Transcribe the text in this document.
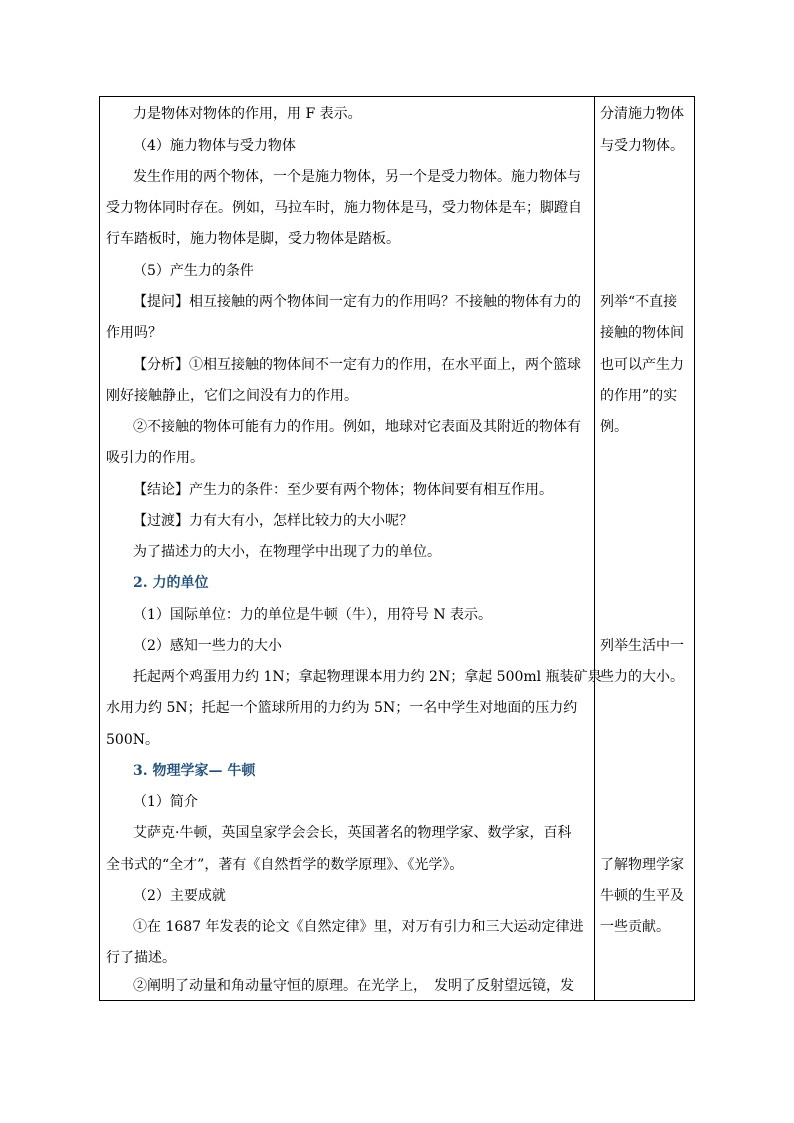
力是物体对物体的作用，用 F 表示。
（4）施力物体与受力物体
发生作用的两个物体，一个是施力物体，另一个是受力物体。施力物体与
受力物体同时存在。例如，马拉车时，施力物体是马，受力物体是车；脚蹬自
行车踏板时，施力物体是脚，受力物体是踏板。
（5）产生力的条件
【提问】相互接触的两个物体间一定有力的作用吗？不接触的物体有力的
作用吗？
【分析】①相互接触的物体间不一定有力的作用，在水平面上，两个篮球
刚好接触静止，它们之间没有力的作用。
②不接触的物体可能有力的作用。例如，地球对它表面及其附近的物体有
吸引力的作用。
【结论】产生力的条件：至少要有两个物体；物体间要有相互作用。
【过渡】力有大有小，怎样比较力的大小呢？
为了描述力的大小，在物理学中出现了力的单位。
2. 力的单位
（1）国际单位：力的单位是牛顿（牛），用符号 N 表示。
（2）感知一些力的大小
托起两个鸡蛋用力约 1N；拿起物理课本用力约 2N；拿起 500ml 瓶装矿泉
水用力约 5N；托起一个篮球所用的力约为 5N；一名中学生对地面的压力约
500N。
3. 物理学家— 牛顿
（1）简介
艾萨克·牛顿，英国皇家学会会长，英国著名的物理学家、数学家，百科
全书式的“全才”，著有《自然哲学的数学原理》、《光学》。
（2）主要成就
①在 1687 年发表的论文《自然定律》里，对万有引力和三大运动定律进
行了描述。
②阐明了动量和角动量守恒的原理。在光学上，　发明了反射望远镜，发
分清施力物体
与受力物体。
列举“不直接
接触的物体间
也可以产生力
的作用”的实
例。
列举生活中一
些力的大小。
了解物理学家
牛顿的生平及
一些贡献。
